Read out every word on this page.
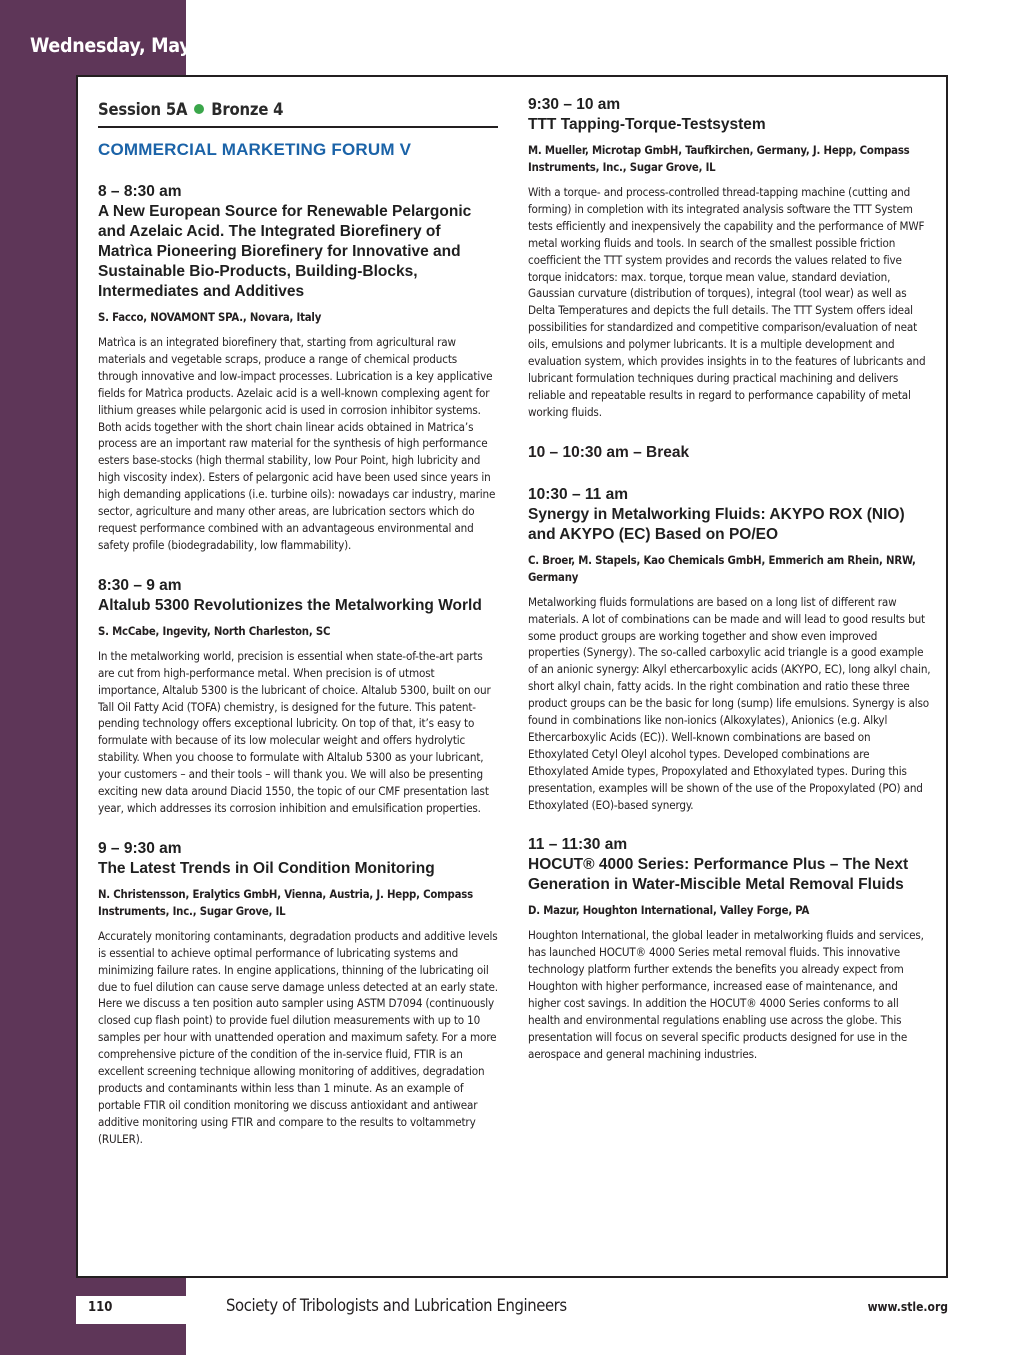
Wednesday, May 18
Session 5A Bronze 4
COMMERCIAL MARKETING FORUM V
8 – 8:30 am
A New European Source for Renewable Pelargonic and Azelaic Acid. The Integrated Biorefinery of Matrìca Pioneering Biorefinery for Innovative and Sustainable Bio-Products, Building-Blocks, Intermediates and Additives
S. Facco, NOVAMONT SPA., Novara, Italy
Matrìca is an integrated biorefinery that, starting from agricultural raw materials and vegetable scraps, produce a range of chemical products through innovative and low-impact processes. Lubrication is a key applicative fields for Matrìca products. Azelaic acid is a well-known complexing agent for lithium greases while pelargonic acid is used in corrosion inhibitor systems. Both acids together with the short chain linear acids obtained in Matrica’s process are an important raw material for the synthesis of high performance esters base-stocks (high thermal stability, low Pour Point, high lubricity and high viscosity index). Esters of pelargonic acid have been used since years in high demanding applications (i.e. turbine oils): nowadays car industry, marine sector, agriculture and many other areas, are lubrication sectors which do request performance combined with an advantageous environmental and safety profile (biodegradability, low flammability).
8:30 – 9 am
Altalub 5300 Revolutionizes the Metalworking World
S. McCabe, Ingevity, North Charleston, SC
In the metalworking world, precision is essential when state-of-the-art parts are cut from high-performance metal. When precision is of utmost importance, Altalub 5300 is the lubricant of choice. Altalub 5300, built on our Tall Oil Fatty Acid (TOFA) chemistry, is designed for the future. This patent-pending technology offers exceptional lubricity. On top of that, it’s easy to formulate with because of its low molecular weight and offers hydrolytic stability. When you choose to formulate with Altalub 5300 as your lubricant, your customers – and their tools – will thank you. We will also be presenting exciting new data around Diacid 1550, the topic of our CMF presentation last year, which addresses its corrosion inhibition and emulsification properties.
9 – 9:30 am
The Latest Trends in Oil Condition Monitoring
N. Christensson, Eralytics GmbH, Vienna, Austria, J. Hepp, Compass Instruments, Inc., Sugar Grove, IL
Accurately monitoring contaminants, degradation products and additive levels is essential to achieve optimal performance of lubricating systems and minimizing failure rates. In engine applications, thinning of the lubricating oil due to fuel dilution can cause serve damage unless detected at an early state. Here we discuss a ten position auto sampler using ASTM D7094 (continuously closed cup flash point) to provide fuel dilution measurements with up to 10 samples per hour with unattended operation and maximum safety. For a more comprehensive picture of the condition of the in-service fluid, FTIR is an excellent screening technique allowing monitoring of additives, degradation products and contaminants within less than 1 minute. As an example of portable FTIR oil condition monitoring we discuss antioxidant and antiwear additive monitoring using FTIR and compare to the results to voltammetry (RULER).
9:30 – 10 am
TTT Tapping-Torque-Testsystem
M. Mueller, Microtap GmbH, Taufkirchen, Germany, J. Hepp, Compass Instruments, Inc., Sugar Grove, IL
With a torque- and process-controlled thread-tapping machine (cutting and forming) in completion with its integrated analysis software the TTT System tests efficiently and inexpensively the capability and the performance of MWF metal working fluids and tools. In search of the smallest possible friction coefficient the TTT system provides and records the values related to five torque inidcators: max. torque, torque mean value, standard deviation, Gaussian curvature (distribution of torques), integral (tool wear) as well as Delta Temperatures and depicts the full details. The TTT System offers ideal possibilities for standardized and competitive comparison/evaluation of neat oils, emulsions and polymer lubricants. It is a multiple development and evaluation system, which provides insights in to the features of lubricants and lubricant formulation techniques during practical machining and delivers reliable and repeatable results in regard to performance capability of metal working fluids.
10 – 10:30 am – Break
10:30 – 11 am
Synergy in Metalworking Fluids: AKYPO ROX (NIO) and AKYPO (EC) Based on PO/EO
C. Broer, M. Stapels, Kao Chemicals GmbH, Emmerich am Rhein, NRW, Germany
Metalworking fluids formulations are based on a long list of different raw materials. A lot of combinations can be made and will lead to good results but some product groups are working together and show even improved properties (Synergy). The so-called carboxylic acid triangle is a good example of an anionic synergy: Alkyl ethercarboxylic acids (AKYPO, EC), long alkyl chain, short alkyl chain, fatty acids. In the right combination and ratio these three product groups can be the basic for long (sump) life emulsions. Synergy is also found in combinations like non-ionics (Alkoxylates), Anionics (e.g. Alkyl Ethercarboxylic Acids (EC)). Well-known combinations are based on Ethoxylated Cetyl Oleyl alcohol types. Developed combinations are Ethoxylated Amide types, Propoxylated and Ethoxylated types. During this presentation, examples will be shown of the use of the Propoxylated (PO) and Ethoxylated (EO)-based synergy.
11 – 11:30 am
HOCUT® 4000 Series: Performance Plus – The Next Generation in Water-Miscible Metal Removal Fluids
D. Mazur, Houghton International, Valley Forge, PA
Houghton International, the global leader in metalworking fluids and services, has launched HOCUT® 4000 Series metal removal fluids. This innovative technology platform further extends the benefits you already expect from Houghton with higher performance, increased ease of maintenance, and higher cost savings. In addition the HOCUT® 4000 Series conforms to all health and environmental regulations enabling use across the globe. This presentation will focus on several specific products designed for use in the aerospace and general machining industries.
110	Society of Tribologists and Lubrication Engineers	www.stle.org
